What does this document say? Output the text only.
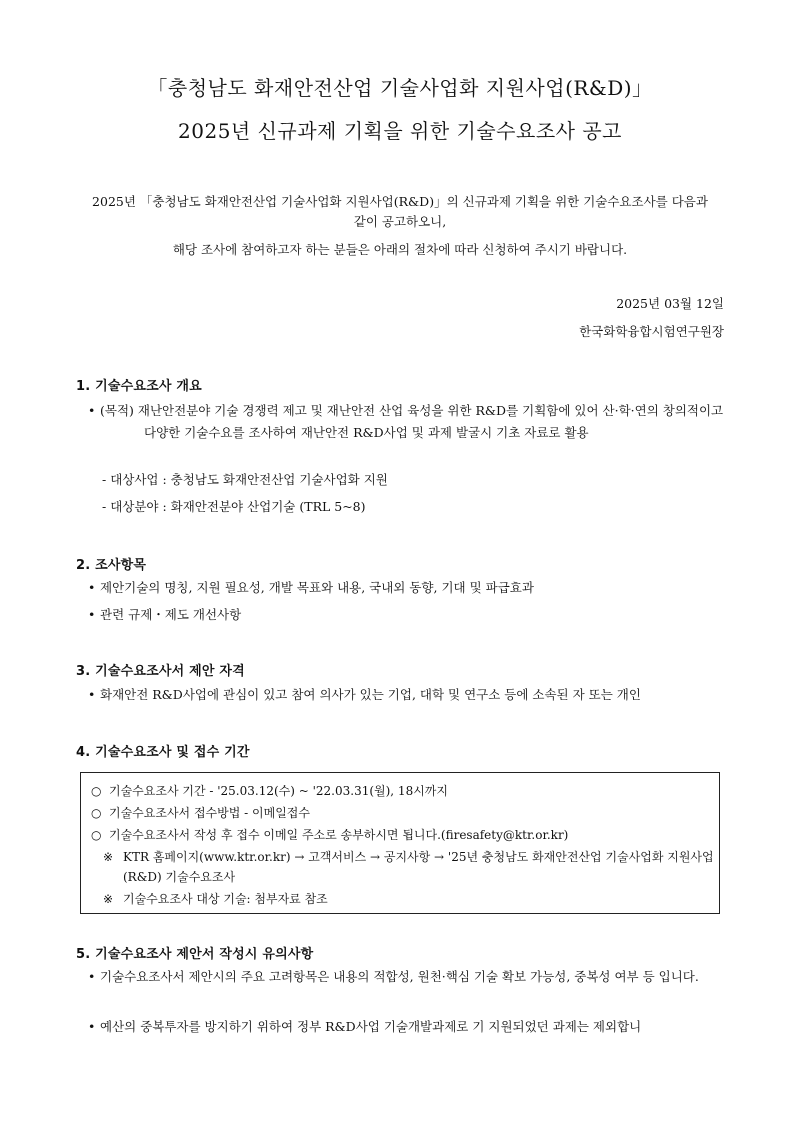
「충청남도 화재안전산업 기술사업화 지원사업(R&D)」
2025년 신규과제 기획을 위한 기술수요조사 공고
2025년 「충청남도 화재안전산업 기술사업화 지원사업(R&D)」의 신규과제 기획을 위한 기술수요조사를 다음과
같이 공고하오니,
해당 조사에 참여하고자 하는 분들은 아래의 절차에 따라 신청하여 주시기 바랍니다.
2025년 03월 12일
한국화학융합시험연구원장
1. 기술수요조사 개요
• (목적) 재난안전분야 기술 경쟁력 제고 및 재난안전 산업 육성을 위한 R&D를 기획함에 있어 산·학·연의 창의적이고 다양한 기술수요를 조사하여 재난안전 R&D사업 및 과제 발굴시 기초 자료로 활용
- 대상사업 : 충청남도 화재안전산업 기술사업화 지원
- 대상분야 : 화재안전분야 산업기술 (TRL 5~8)
2. 조사항목
• 제안기술의 명칭, 지원 필요성, 개발 목표와 내용, 국내외 동향, 기대 및 파급효과
• 관련 규제・제도 개선사항
3. 기술수요조사서 제안 자격
• 화재안전 R&D사업에 관심이 있고 참여 의사가 있는 기업, 대학 및 연구소 등에 소속된 자 또는 개인
4. 기술수요조사 및 접수 기간
○ 기술수요조사 기간 - '25.03.12(수) ~ '22.03.31(월), 18시까지
○ 기술수요조사서 접수방법 - 이메일접수
○ 기술수요조사서 작성 후 접수 이메일 주소로 송부하시면 됩니다.(firesafety@ktr.or.kr)
※ KTR 홈페이지(www.ktr.or.kr) → 고객서비스 → 공지사항 → '25년 충청남도 화재안전산업 기술사업화 지원사업(R&D) 기술수요조사
※ 기술수요조사 대상 기술: 첨부자료 참조
5. 기술수요조사 제안서 작성시 유의사항
• 기술수요조사서 제안시의 주요 고려항목은 내용의 적합성, 원천·핵심 기술 확보 가능성, 중복성 여부 등 입니다.
• 예산의 중복투자를 방지하기 위하여 정부 R&D사업 기술개발과제로 기 지원되었던 과제는 제외합니
